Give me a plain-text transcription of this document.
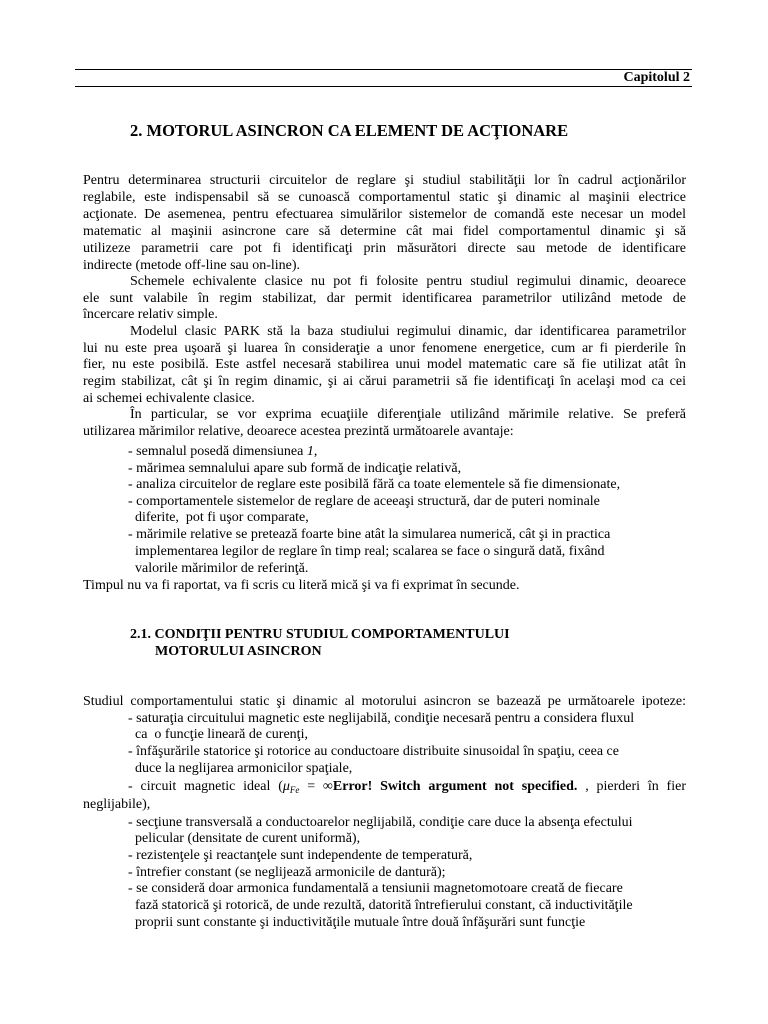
Capitolul 2
2. MOTORUL ASINCRON CA ELEMENT DE ACŢIONARE
Pentru determinarea structurii circuitelor de reglare şi studiul stabilităţii lor în cadrul acţionărilor
reglabile, este indispensabil să se cunoască comportamentul static şi dinamic al maşinii electrice
acţionate. De asemenea, pentru efectuarea simulărilor sistemelor de comandă este necesar un model
matematic al maşinii asincrone care să determine cât mai fidel comportamentul dinamic şi să
utilizeze parametrii care pot fi identificaţi prin măsurători directe sau metode de identificare
indirecte (metode off-line sau on-line).
Schemele echivalente clasice nu pot fi folosite pentru studiul regimului dinamic, deoarece
ele sunt valabile în regim stabilizat, dar permit identificarea parametrilor utilizând metode de
încercare relativ simple.
Modelul clasic PARK stă la baza studiului regimului dinamic, dar identificarea parametrilor
lui nu este prea uşoară şi luarea în consideraţie a unor fenomene energetice, cum ar fi pierderile în
fier, nu este posibilă. Este astfel necesară stabilirea unui model matematic care să fie utilizat atât în
regim stabilizat, cât şi în regim dinamic, şi ai cărui parametrii să fie identificaţi în acelaşi mod ca cei
ai schemei echivalente clasice.
În particular, se vor exprima ecuaţiile diferenţiale utilizând mărimile relative. Se preferă
utilizarea mărimilor relative, deoarece acestea prezintă următoarele avantaje:
- semnalul posedă dimensiunea 1,
- mărimea semnalului apare sub formă de indicaţie relativă,
- analiza circuitelor de reglare este posibilă fără ca toate elementele să fie dimensionate,
- comportamentele sistemelor de reglare de aceeaşi structură, dar de puteri nominale
diferite,  pot fi uşor comparate,
- mărimile relative se pretează foarte bine atât la simularea numerică, cât şi in practica
implementarea legilor de reglare în timp real; scalarea se face o singură dată, fixând
valorile mărimilor de referinţă.
Timpul nu va fi raportat, va fi scris cu literă mică şi va fi exprimat în secunde.
2.1. CONDIŢII PENTRU STUDIUL COMPORTAMENTULUI
MOTORULUI ASINCRON
Studiul comportamentului static şi dinamic al motorului asincron se bazează pe următoarele ipoteze:
- saturaţia circuitului magnetic este neglijabilă, condiţie necesară pentru a considera fluxul
ca  o funcţie lineară de curenţi,
- înfăşurările statorice şi rotorice au conductoare distribuite sinusoidal în spaţiu, ceea ce
duce la neglijarea armonicilor spaţiale,
- circuit magnetic ideal ($\mu_{Fe}$ = ∞Error! Switch argument not specified. , pierderi în fier
neglijabile),
- secţiune transversală a conductoarelor neglijabilă, condiţie care duce la absenţa efectului
pelicular (densitate de curent uniformă),
- rezistenţele şi reactanţele sunt independente de temperatură,
- întrefier constant (se neglijează armonicile de dantură);
- se consideră doar armonica fundamentală a tensiunii magnetomotoare creată de fiecare
fază statorică şi rotorică, de unde rezultă, datorită întrefierului constant, că inductivităţile
proprii sunt constante şi inductivităţile mutuale între două înfăşurări sunt funcţie
